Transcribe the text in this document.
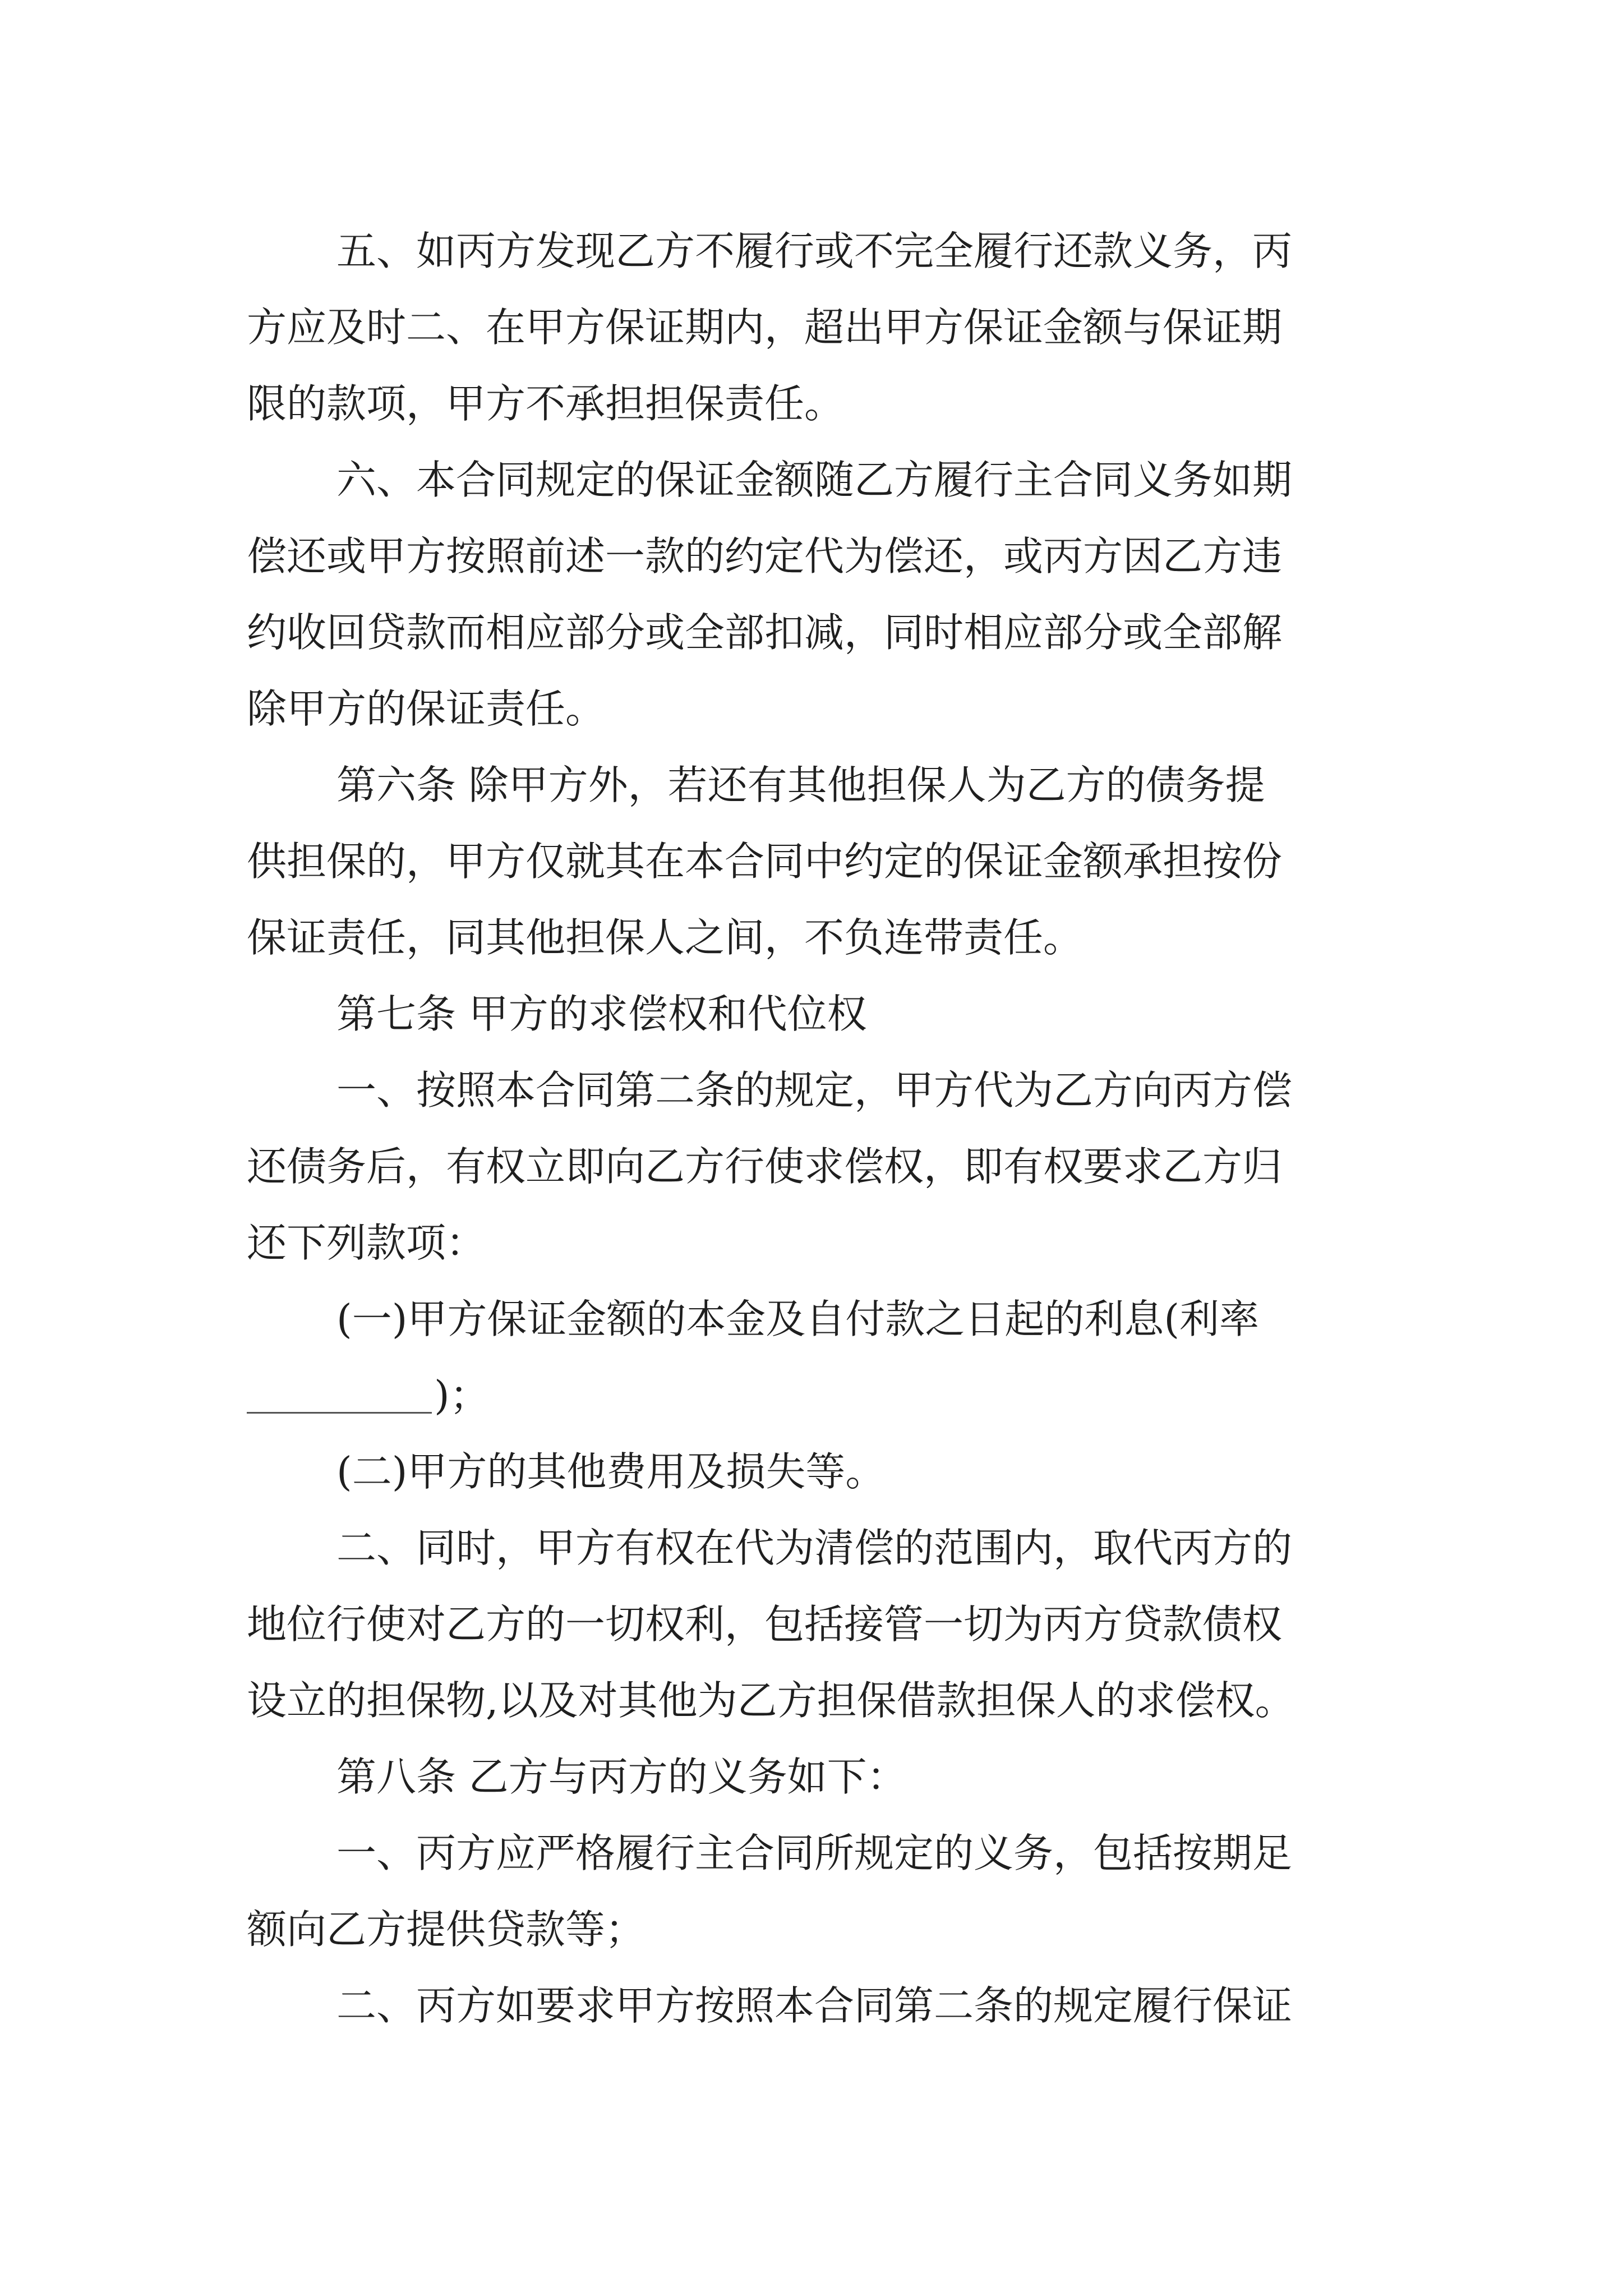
五、如丙方发现乙方不履行或不完全履行还款义务，丙
方应及时二、在甲方保证期内，超出甲方保证金额与保证期
限的款项，甲方不承担担保责任。

六、本合同规定的保证金额随乙方履行主合同义务如期
偿还或甲方按照前述一款的约定代为偿还，或丙方因乙方违
约收回贷款而相应部分或全部扣减，同时相应部分或全部解
除甲方的保证责任。

第六条 除甲方外，若还有其他担保人为乙方的债务提
供担保的，甲方仅就其在本合同中约定的保证金额承担按份
保证责任，同其他担保人之间，不负连带责任。

第七条 甲方的求偿权和代位权

一、按照本合同第二条的规定，甲方代为乙方向丙方偿
还债务后，有权立即向乙方行使求偿权，即有权要求乙方归
还下列款项：

(一)甲方保证金额的本金及自付款之日起的利息(利率
)；

(二)甲方的其他费用及损失等。

二、同时，甲方有权在代为清偿的范围内，取代丙方的
地位行使对乙方的一切权利，包括接管一切为丙方贷款债权
设立的担保物,以及对其他为乙方担保借款担保人的求偿权。

第八条 乙方与丙方的义务如下：

一、丙方应严格履行主合同所规定的义务，包括按期足
额向乙方提供贷款等；

二、丙方如要求甲方按照本合同第二条的规定履行保证
